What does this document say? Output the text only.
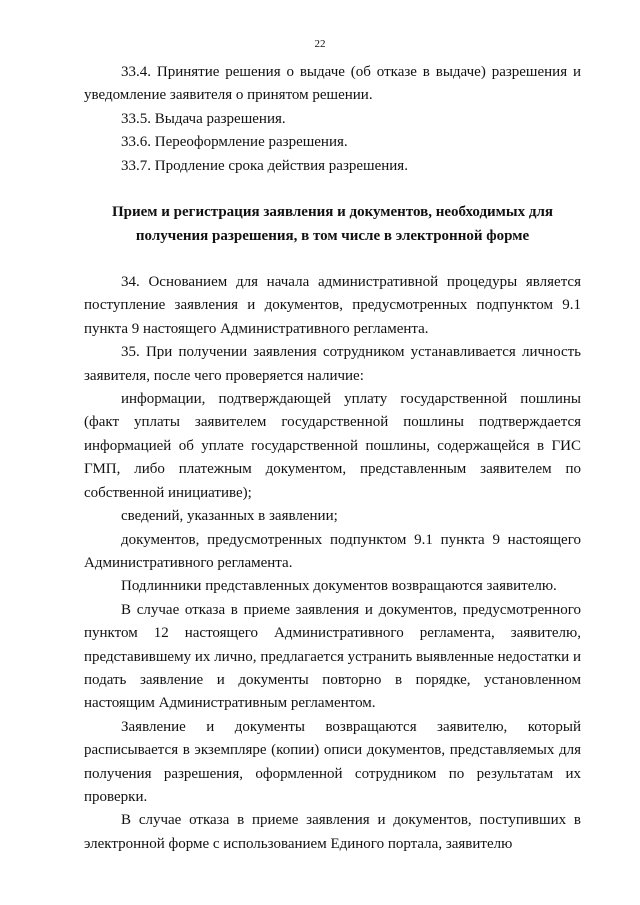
22

33.4. Принятие решения о выдаче (об отказе в выдаче) разрешения и уведомление заявителя о принятом решении.

33.5. Выдача разрешения.

33.6. Переоформление разрешения.

33.7. Продление срока действия разрешения.

Прием и регистрация заявления и документов, необходимых для получения разрешения, в том числе в электронной форме

34. Основанием для начала административной процедуры является поступление заявления и документов, предусмотренных подпунктом 9.1 пункта 9 настоящего Административного регламента.

35. При получении заявления сотрудником устанавливается личность заявителя, после чего проверяется наличие:

информации, подтверждающей уплату государственной пошлины (факт уплаты заявителем государственной пошлины подтверждается информацией об уплате государственной пошлины, содержащейся в ГИС ГМП, либо платежным документом, представленным заявителем по собственной инициативе);

сведений, указанных в заявлении;

документов, предусмотренных подпунктом 9.1 пункта 9 настоящего Административного регламента.

Подлинники представленных документов возвращаются заявителю.

В случае отказа в приеме заявления и документов, предусмотренного пунктом 12 настоящего Административного регламента, заявителю, представившему их лично, предлагается устранить выявленные недостатки и подать заявление и документы повторно в порядке, установленном настоящим Административным регламентом.

Заявление и документы возвращаются заявителю, который расписывается в экземпляре (копии) описи документов, представляемых для получения разрешения, оформленной сотрудником по результатам их проверки.

В случае отказа в приеме заявления и документов, поступивших в электронной форме с использованием Единого портала, заявителю
